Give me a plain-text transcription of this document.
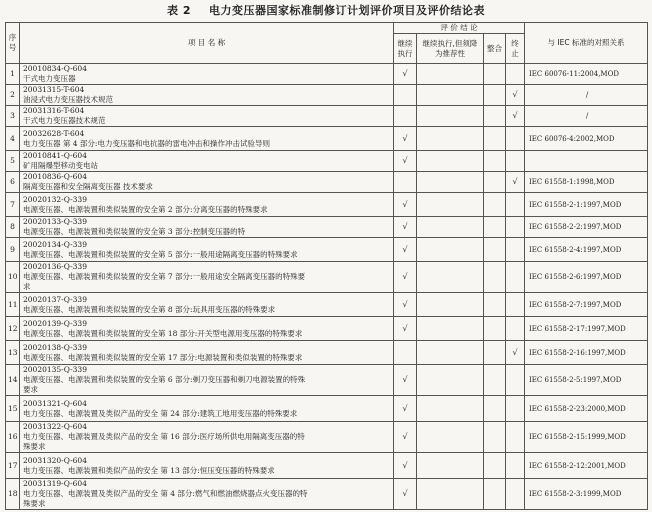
表 2 电力变压器国家标准制修订计划评价项目及评价结论表
序号	项 目 名 称	评 价 结 论				与 IEC 标准的对照关系
		继续执行	继续执行,但须降为推荐性	整合	终止	
1	20010834-Q-604干式电力变压器	√				IEC 60076-11:2004,MOD
2	20031315-T-604油浸式电力变压器技术规范				√	/
3	20031316-T-604干式电力变压器技术规范				√	/
4	20032628-T-604电力变压器 第 4 部分:电力变压器和电抗器的雷电冲击和操作冲击试验导则	√				IEC 60076-4:2002,MOD
5	20010841-Q-604矿用隔爆型移动变电站	√				
6	20010836-Q-604隔离变压器和安全隔离变压器 技术要求				√	IEC 61558-1:1998,MOD
7	20020132-Q-339电源变压器、电源装置和类似装置的安全第 2 部分:分离变压器的特殊要求	√				IEC 61558-2-1:1997,MOD
8	20020133-Q-339电源变压器、电源装置和类似装置的安全第 3 部分:控制变压器的特	√				IEC 61558-2-2:1997,MOD
9	20020134-Q-339电源变压器、电源装置和类似装置的安全第 5 部分:一般用途隔离变压器的特殊要求	√				IEC 61558-2-4:1997,MOD
10	20020136-Q-339电源变压器、电源装置和类似装置的安全第 7 部分:一般用途安全隔离变压器的特殊要求	√				IEC 61558-2-6:1997,MOD
11	20020137-Q-339电源变压器、电源装置和类似装置的安全第 8 部分:玩具用变压器的特殊要求	√				IEC 61558-2-7:1997,MOD
12	20020139-Q-339电源变压器、电源装置和类似装置的安全第 18 部分:开关型电源用变压器的特殊要求	√				IEC 61558-2-17:1997,MOD
13	20020138-Q-339电源变压器、电源装置和类似装置的安全第 17 部分:电源装置和类似装置的特殊要求				√	IEC 61558-2-16:1997,MOD
14	20020135-Q-339电源变压器、电源装置和类似装置的安全第 6 部分:剃刀变压器和剃刀电源装置的特殊要求	√				IEC 61558-2-5:1997,MOD
15	20031321-Q-604电力变压器、电源装置及类似产品的安全 第 24 部分:建筑工地用变压器的特殊要求	√				IEC 61558-2-23:2000,MOD
16	20031322-Q-604电力变压器、电源装置及类似产品的安全 第 16 部分:医疗场所供电用隔离变压器的特殊要求	√				IEC 61558-2-15:1999,MOD
17	20031320-Q-604电力变压器、电源装置和类似产品的安全 第 13 部分:恒压变压器的特殊要求	√				IEC 61558-2-12:2001,MOD
18	20031319-Q-604电力变压器、电源装置及类似产品的安全 第 4 部分:燃气和燃油燃烧器点火变压器的特殊要求	√				IEC 61558-2-3:1999,MOD
